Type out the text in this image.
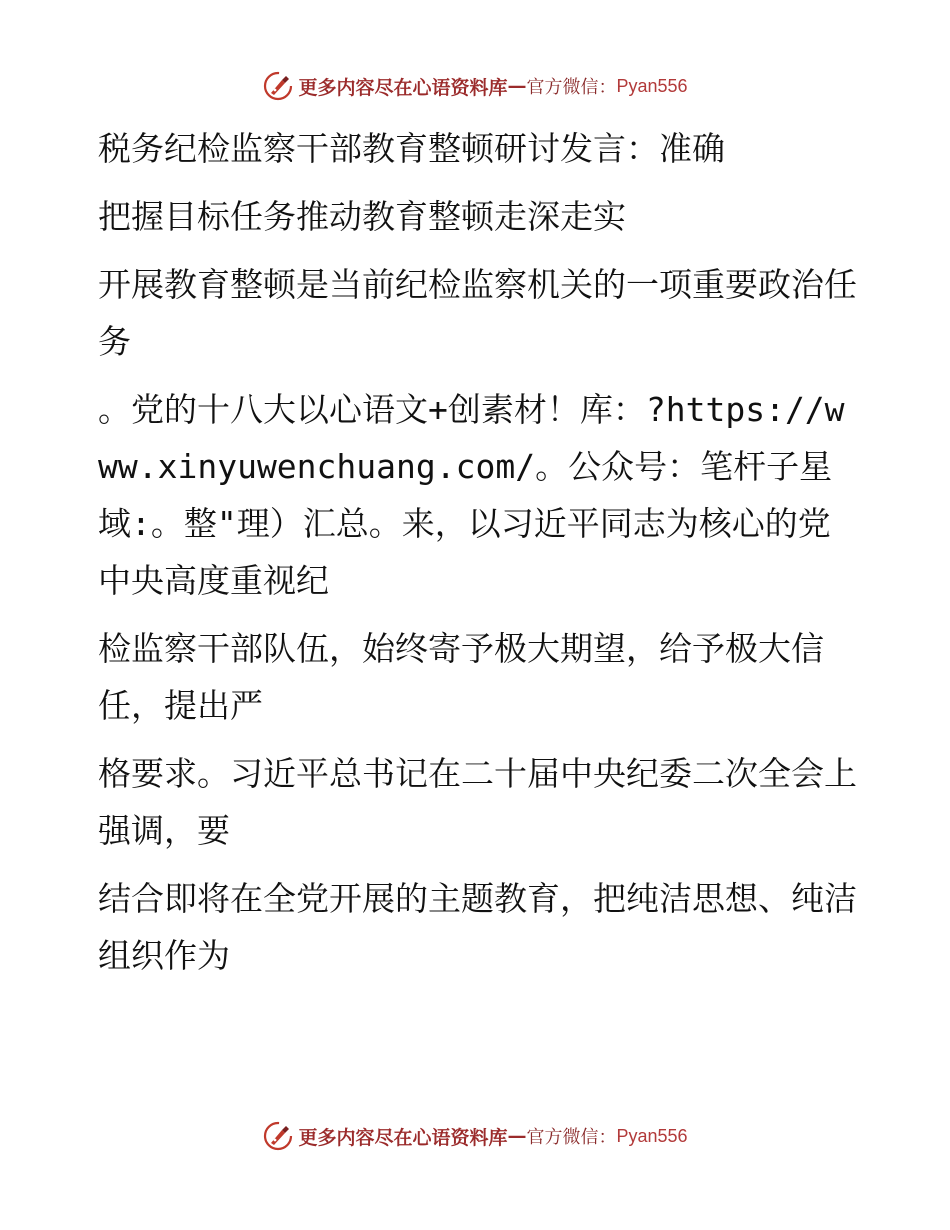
更多内容尽在心语资料库 — 官方微信： Pyan556

税务纪检监察干部教育整顿研讨发言：准确

把握目标任务推动教育整顿走深走实

开展教育整顿是当前纪检监察机关的一项重要政治任务

。党的十八大以心语文+创素材！库：?https://www.xinyuwenchuang.com/。公众号：笔杆子星域:。整"理）汇总。来，以习近平同志为核心的党中央高度重视纪

检监察干部队伍，始终寄予极大期望，给予极大信任，提出严

格要求。习近平总书记在二十届中央纪委二次全会上强调，要

结合即将在全党开展的主题教育，把纯洁思想、纯洁组织作为

更多内容尽在心语资料库 — 官方微信： Pyan556
